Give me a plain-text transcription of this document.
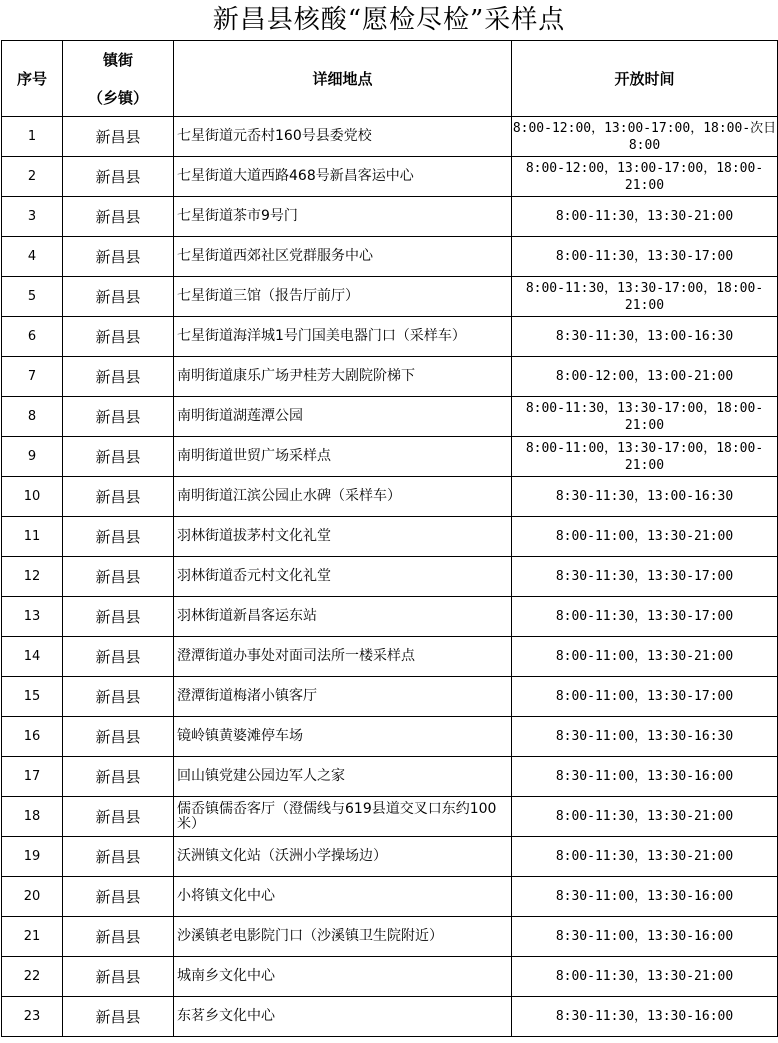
新昌县核酸“愿检尽检”采样点
序号	镇街	详细地点	开放时间
	（乡镇）		
1	新昌县	七星街道元岙村160号县委党校	8:00-12:00，13:00-17:00，18:00-次日8:00
2	新昌县	七星街道大道西路468号新昌客运中心	8:00-12:00，13:00-17:00，18:00-21:00
3	新昌县	七星街道茶市9号门	8:00-11:30，13:30-21:00
4	新昌县	七星街道西郊社区党群服务中心	8:00-11:30，13:30-17:00
5	新昌县	七星街道三馆（报告厅前厅）	8:00-11:30，13:30-17:00，18:00-21:00
6	新昌县	七星街道海洋城1号门国美电器门口（采样车）	8:30-11:30，13:00-16:30
7	新昌县	南明街道康乐广场尹桂芳大剧院阶梯下	8:00-12:00，13:00-21:00
8	新昌县	南明街道湖莲潭公园	8:00-11:30，13:30-17:00，18:00-21:00
9	新昌县	南明街道世贸广场采样点	8:00-11:00，13:30-17:00，18:00-21:00
10	新昌县	南明街道江滨公园止水碑（采样车）	8:30-11:30，13:00-16:30
11	新昌县	羽林街道拔茅村文化礼堂	8:00-11:00，13:30-21:00
12	新昌县	羽林街道岙元村文化礼堂	8:30-11:30，13:30-17:00
13	新昌县	羽林街道新昌客运东站	8:00-11:30，13:30-17:00
14	新昌县	澄潭街道办事处对面司法所一楼采样点	8:00-11:00，13:30-21:00
15	新昌县	澄潭街道梅渚小镇客厅	8:00-11:00，13:30-17:00
16	新昌县	镜岭镇黄婆滩停车场	8:30-11:00，13:30-16:30
17	新昌县	回山镇党建公园边军人之家	8:30-11:00，13:30-16:00
18	新昌县	儒岙镇儒岙客厅（澄儒线与619县道交叉口东约100米）	8:00-11:30，13:30-21:00
19	新昌县	沃洲镇文化站（沃洲小学操场边）	8:00-11:30，13:30-21:00
20	新昌县	小将镇文化中心	8:30-11:00，13:30-16:00
21	新昌县	沙溪镇老电影院门口（沙溪镇卫生院附近）	8:30-11:00，13:30-16:00
22	新昌县	城南乡文化中心	8:00-11:30，13:30-21:00
23	新昌县	东茗乡文化中心	8:30-11:30，13:30-16:00
